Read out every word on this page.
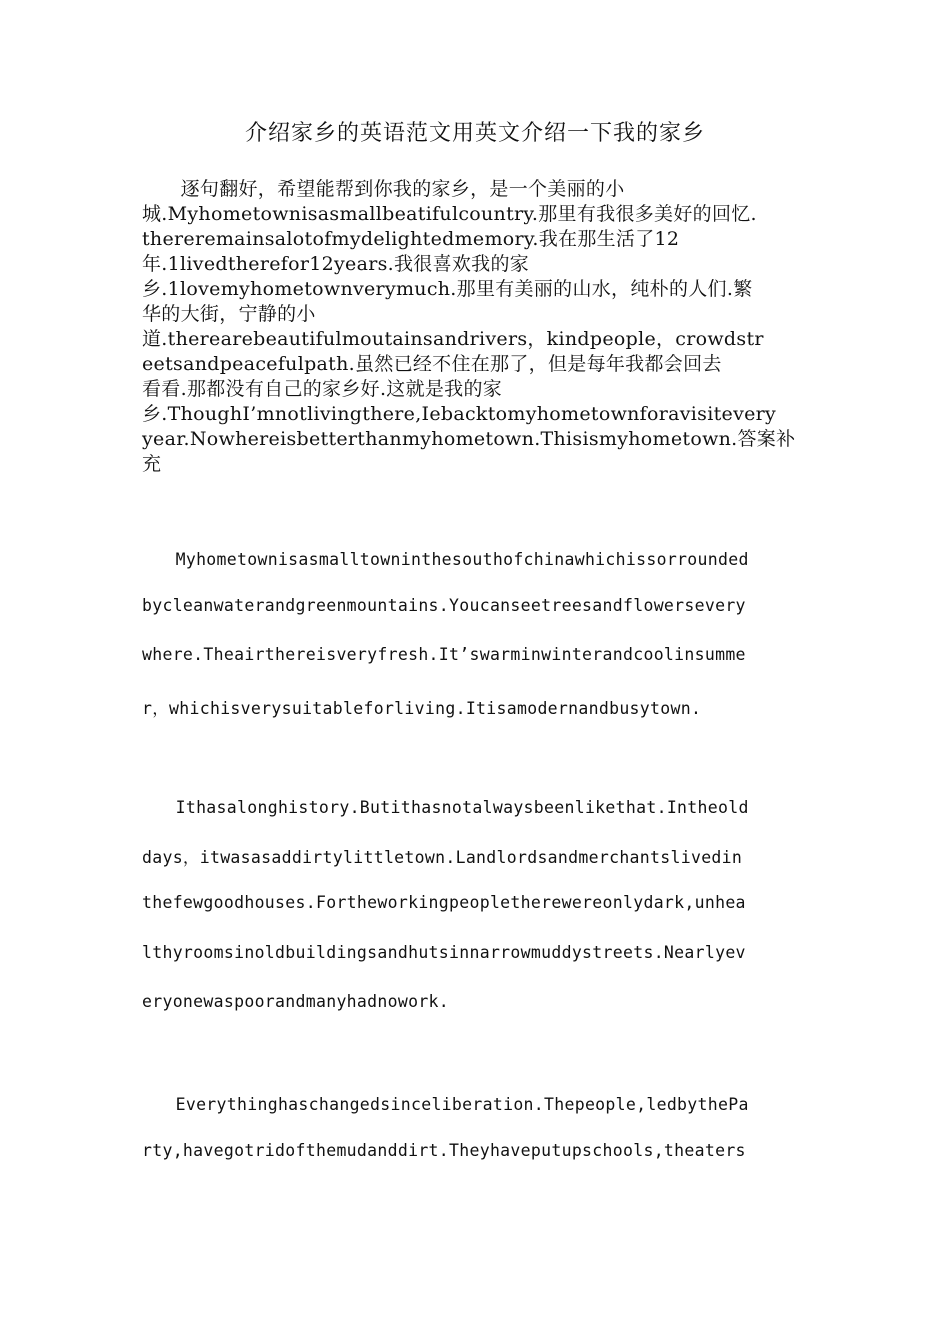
介绍家乡的英语范文用英文介绍一下我的家乡
　　逐句翻好，希望能帮到你我的家乡，是一个美丽的小
城.Myhometownisasmallbeatifulcountry.那里有我很多美好的回忆.
thereremainsalotofmydelightedmemory.我在那生活了12
年.1livedtherefor12years.我很喜欢我的家
乡.1lovemyhometownverymuch.那里有美丽的山水，纯朴的人们.繁
华的大街，宁静的小
道.therearebeautifulmoutainsandrivers，kindpeople，crowdstr
eetsandpeacefulpath.虽然已经不住在那了，但是每年我都会回去
看看.那都没有自己的家乡好.这就是我的家
乡.ThoughI’mnotlivingthere,Iebacktomyhometownforavisitevery
year.Nowhereisbetterthanmyhometown.Thisismyhometown.答案补
充
　　Myhometownisasmalltowninthesouthofchinawhichissorrounded
bycleanwaterandgreenmountains.Youcanseetreesandflowersevery
where.Theairthereisveryfresh.It’swarminwinterandcoolinsumme
r，whichisverysuitableforliving.Itisamodernandbusytown.
　　Ithasalonghistory.Butithasnotalwaysbeenlikethat.Intheold
days，itwasasaddirtylittletown.Landlordsandmerchantslivedin
thefewgoodhouses.Fortheworkingpeopletherewereonlydark,unhea
lthyroomsinoldbuildingsandhutsinnarrowmuddystreets.Nearlyev
eryonewaspoorandmanyhadnowork.
　　Everythinghaschangedsinceliberation.Thepeople,ledbythePa
rty,havegotridofthemudanddirt.Theyhaveputupschools,theaters
